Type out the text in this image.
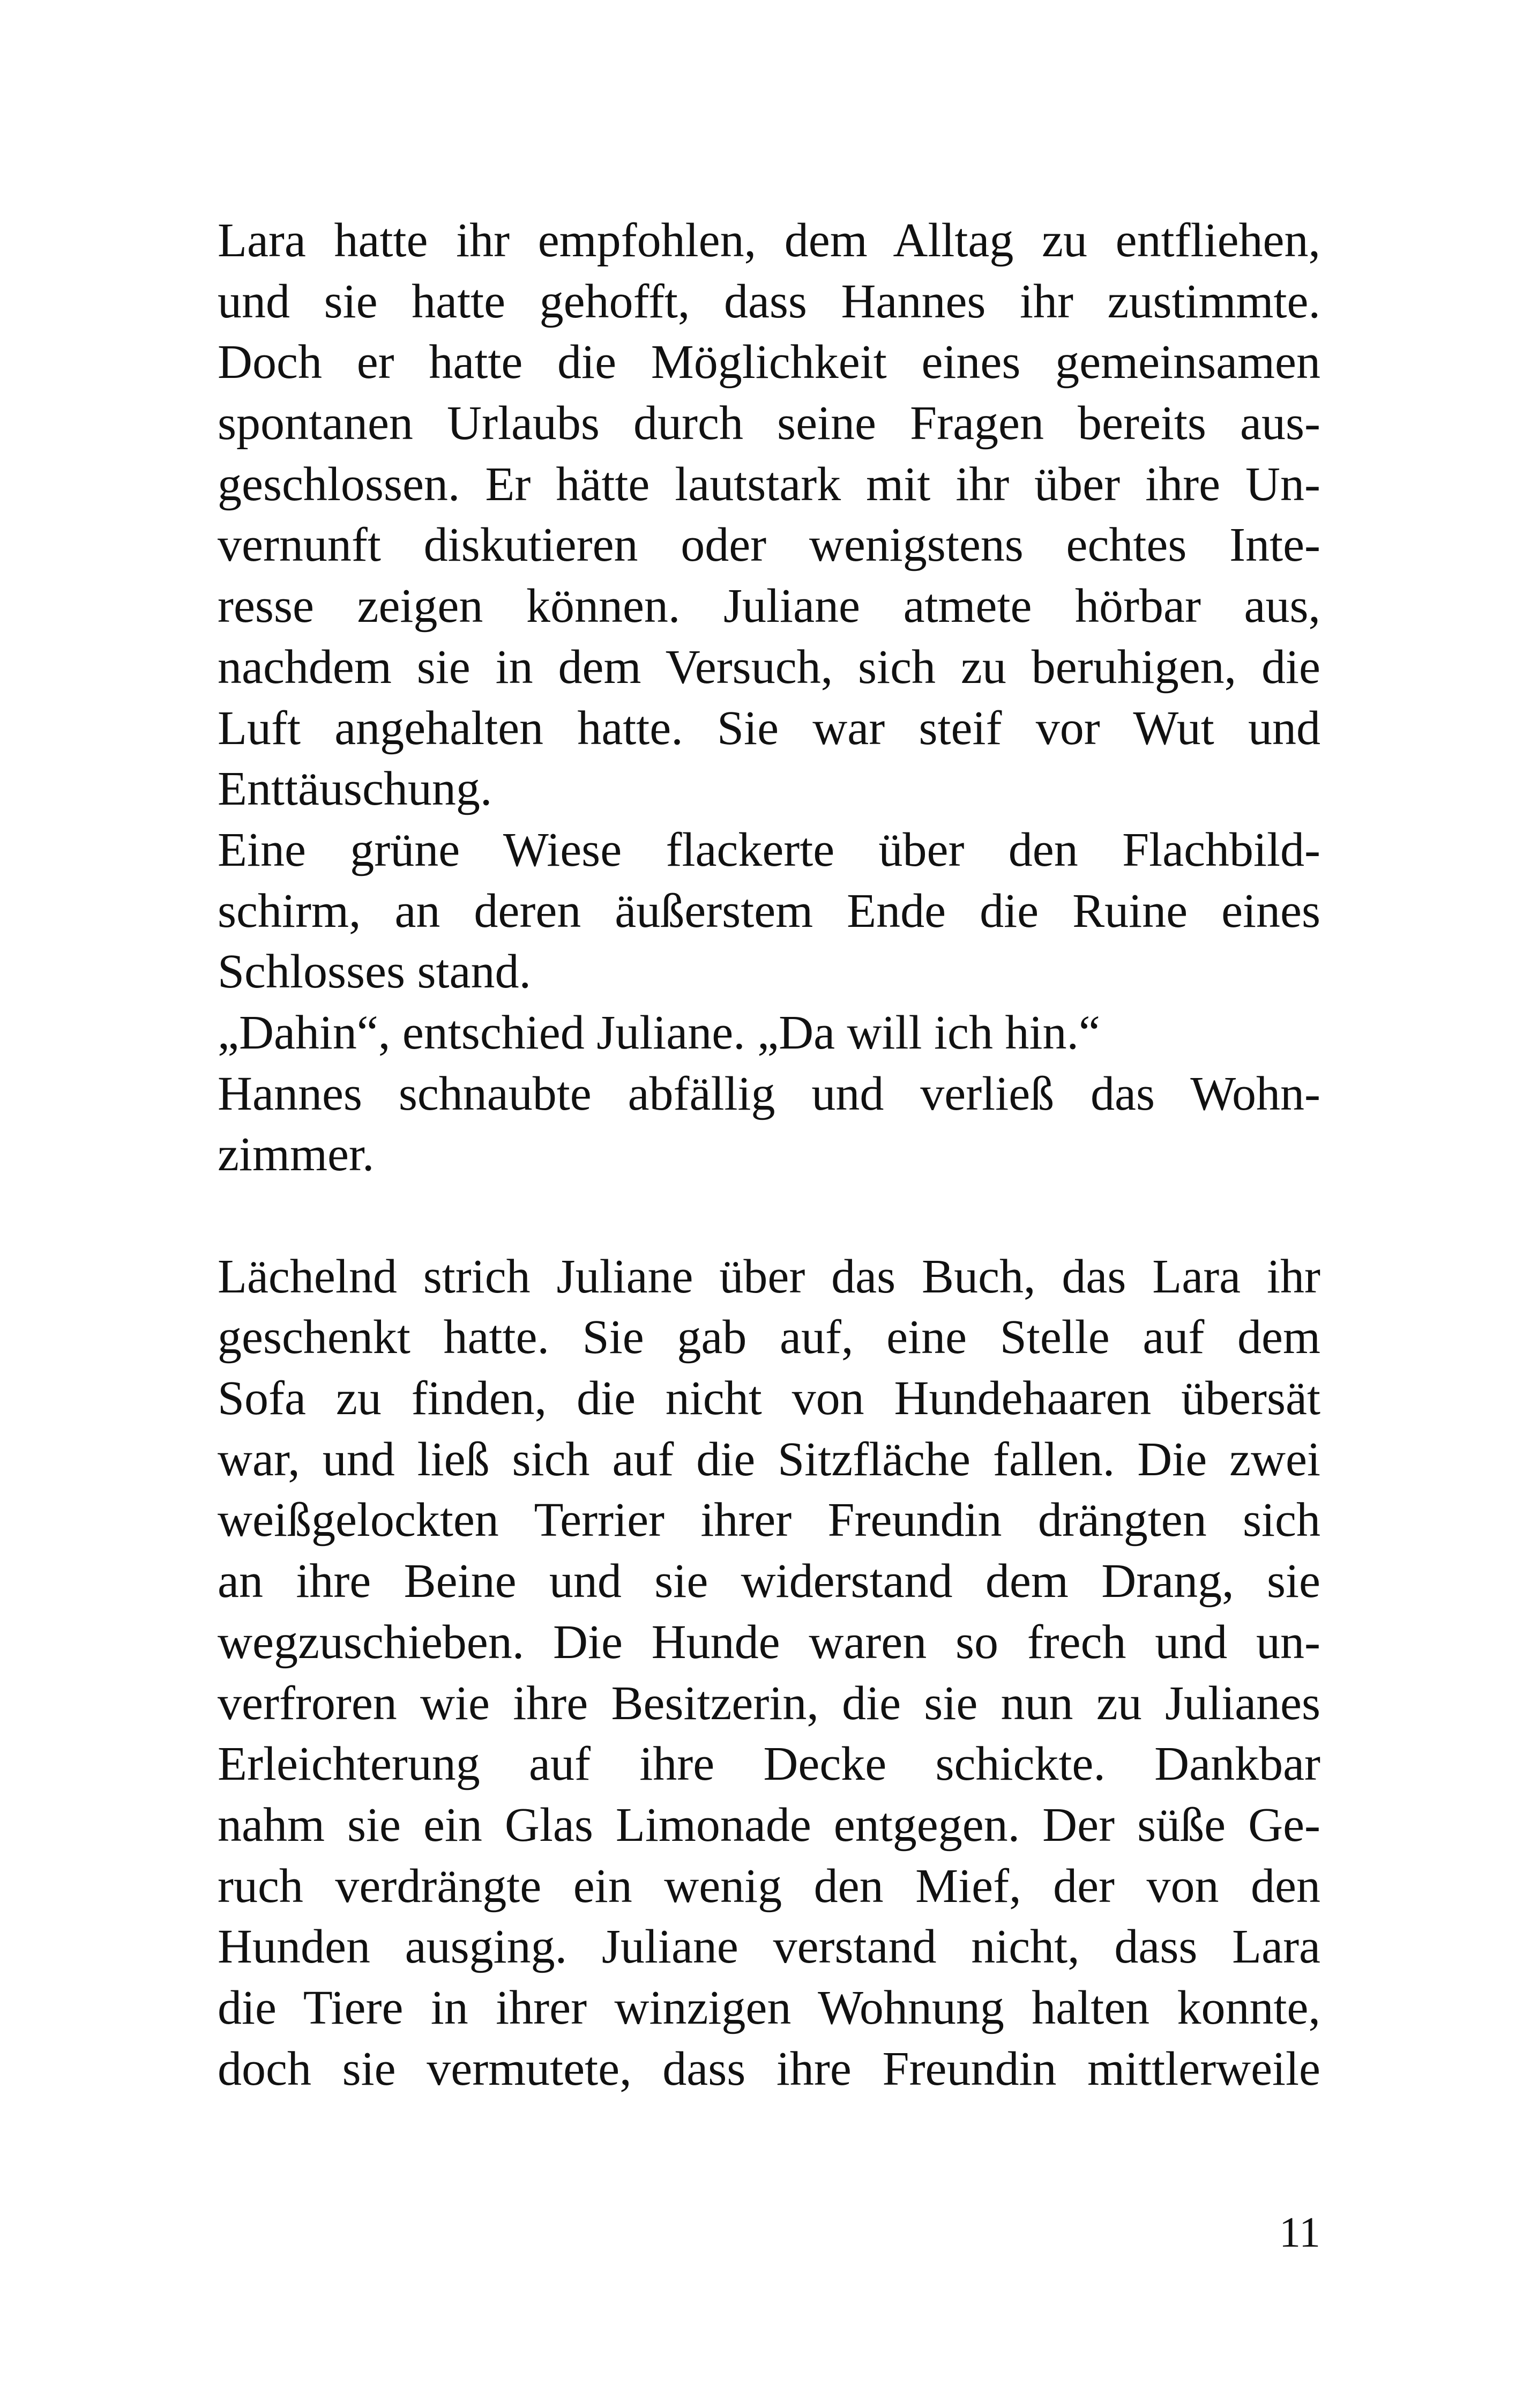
Lara hatte ihr empfohlen, dem Alltag zu entfliehen,
und sie hatte gehofft, dass Hannes ihr zustimmte.
Doch er hatte die Möglichkeit eines gemeinsamen
spontanen Urlaubs durch seine Fragen bereits aus-
geschlossen. Er hätte lautstark mit ihr über ihre Un-
vernunft diskutieren oder wenigstens echtes Inte-
resse zeigen können. Juliane atmete hörbar aus,
nachdem sie in dem Versuch, sich zu beruhigen, die
Luft angehalten hatte. Sie war steif vor Wut und
Enttäuschung.
Eine grüne Wiese flackerte über den Flachbild-
schirm, an deren äußerstem Ende die Ruine eines
Schlosses stand.
„Dahin“, entschied Juliane. „Da will ich hin.“
Hannes schnaubte abfällig und verließ das Wohn-
zimmer.
Lächelnd strich Juliane über das Buch, das Lara ihr
geschenkt hatte. Sie gab auf, eine Stelle auf dem
Sofa zu finden, die nicht von Hundehaaren übersät
war, und ließ sich auf die Sitzfläche fallen. Die zwei
weißgelockten Terrier ihrer Freundin drängten sich
an ihre Beine und sie widerstand dem Drang, sie
wegzuschieben. Die Hunde waren so frech und un-
verfroren wie ihre Besitzerin, die sie nun zu Julianes
Erleichterung auf ihre Decke schickte. Dankbar
nahm sie ein Glas Limonade entgegen. Der süße Ge-
ruch verdrängte ein wenig den Mief, der von den
Hunden ausging. Juliane verstand nicht, dass Lara
die Tiere in ihrer winzigen Wohnung halten konnte,
doch sie vermutete, dass ihre Freundin mittlerweile
11
